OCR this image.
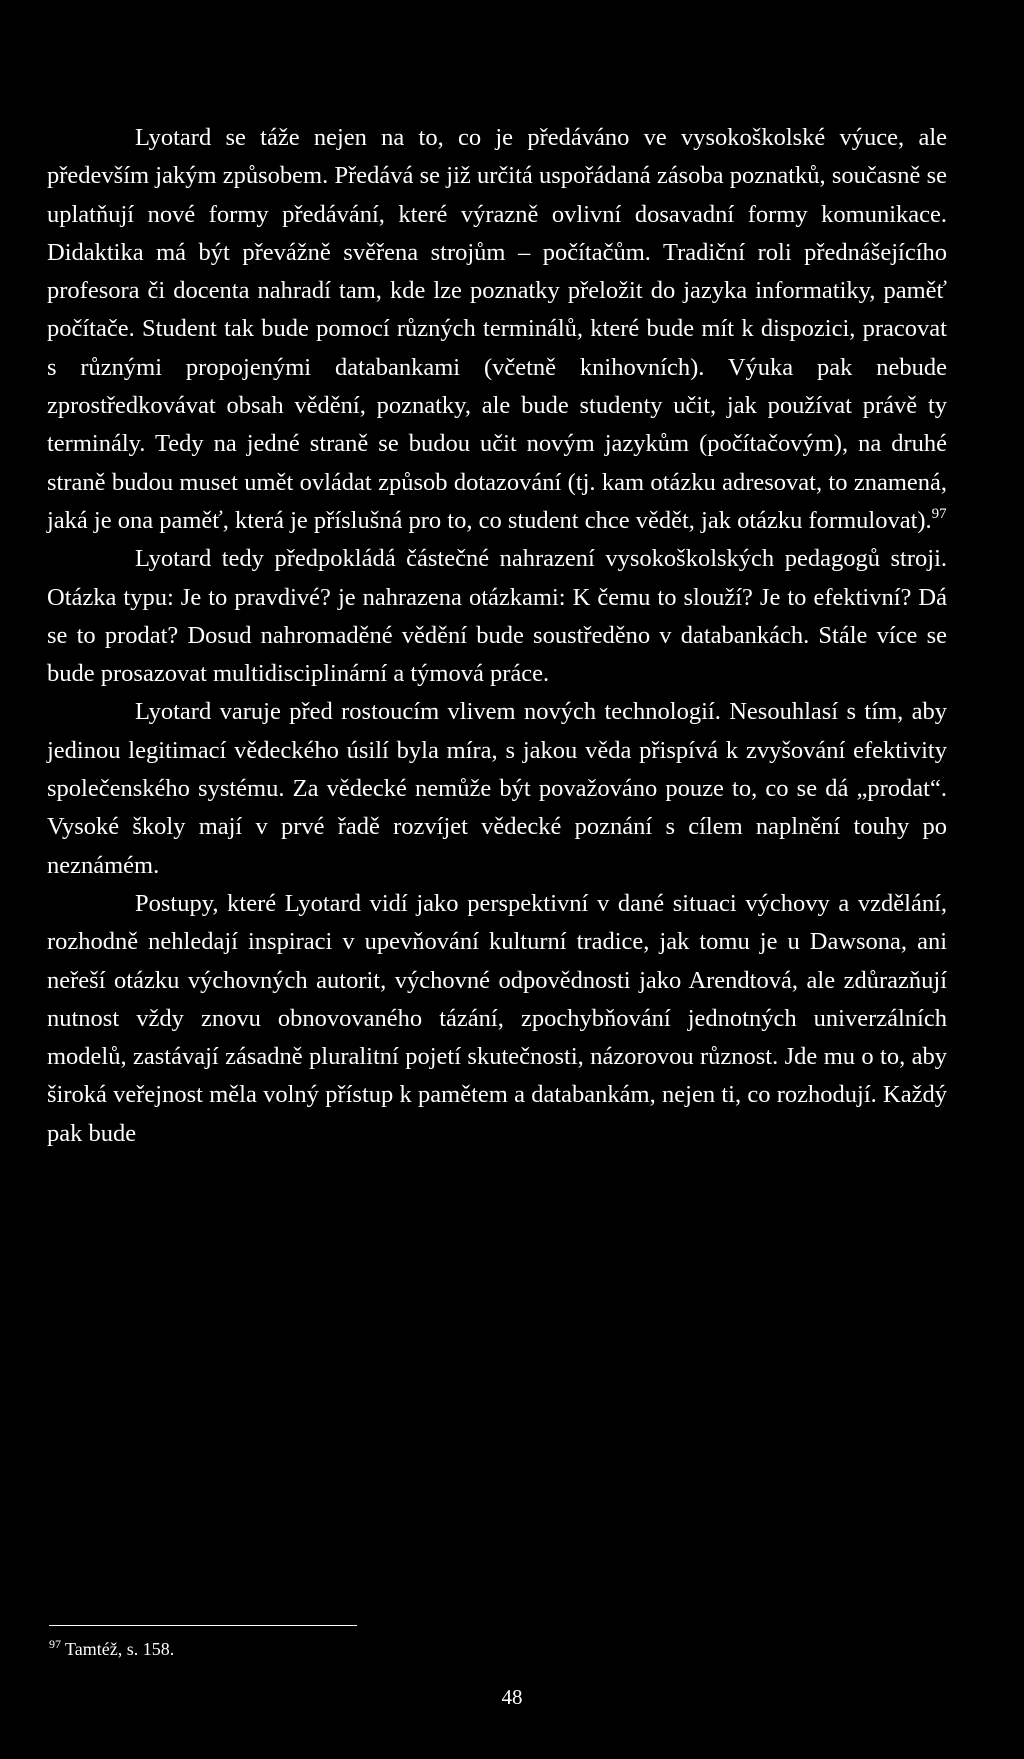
Lyotard se táže nejen na to, co je předáváno ve vysokoškolské výuce, ale především jakým způsobem. Předává se již určitá uspořádaná zásoba poznatků, současně se uplatňují nové formy předávání, které výrazně ovlivní dosavadní formy komunikace. Didaktika má být převážně svěřena strojům – počítačům. Tradiční roli přednášejícího profesora či docenta nahradí tam, kde lze poznatky přeložit do jazyka informatiky, paměť počítače. Student tak bude pomocí různých terminálů, které bude mít k dispozici, pracovat s různými propojenými databankami (včetně knihovních). Výuka pak nebude zprostředkovávat obsah vědění, poznatky, ale bude studenty učit, jak používat právě ty terminály. Tedy na jedné straně se budou učit novým jazykům (počítačovým), na druhé straně budou muset umět ovládat způsob dotazování (tj. kam otázku adresovat, to znamená, jaká je ona paměť, která je příslušná pro to, co student chce vědět, jak otázku formulovat).$^{97}$

Lyotard tedy předpokládá částečné nahrazení vysokoškolských pedagogů stroji. Otázka typu: Je to pravdivé? je nahrazena otázkami: K čemu to slouží? Je to efektivní? Dá se to prodat? Dosud nahromaděné vědění bude soustředěno v databankách. Stále více se bude prosazovat multidisciplinární a týmová práce.

Lyotard varuje před rostoucím vlivem nových technologií. Nesouhlasí s tím, aby jedinou legitimací vědeckého úsilí byla míra, s jakou věda přispívá k zvyšování efektivity společenského systému. Za vědecké nemůže být považováno pouze to, co se dá „prodat“. Vysoké školy mají v prvé řadě rozvíjet vědecké poznání s cílem naplnění touhy po neznámém.

Postupy, které Lyotard vidí jako perspektivní v dané situaci výchovy a vzdělání, rozhodně nehledají inspiraci v upevňování kulturní tradice, jak tomu je u Dawsona, ani neřeší otázku výchovných autorit, výchovné odpovědnosti jako Arendtová, ale zdůrazňují nutnost vždy znovu obnovovaného tázání, zpochybňování jednotných univerzálních modelů, zastávají zásadně pluralitní pojetí skutečnosti, názorovou různost. Jde mu o to, aby široká veřejnost měla volný přístup k pamětem a databankám, nejen ti, co rozhodují. Každý pak bude

$^{97}$ Tamtéž, s. 158.
48
